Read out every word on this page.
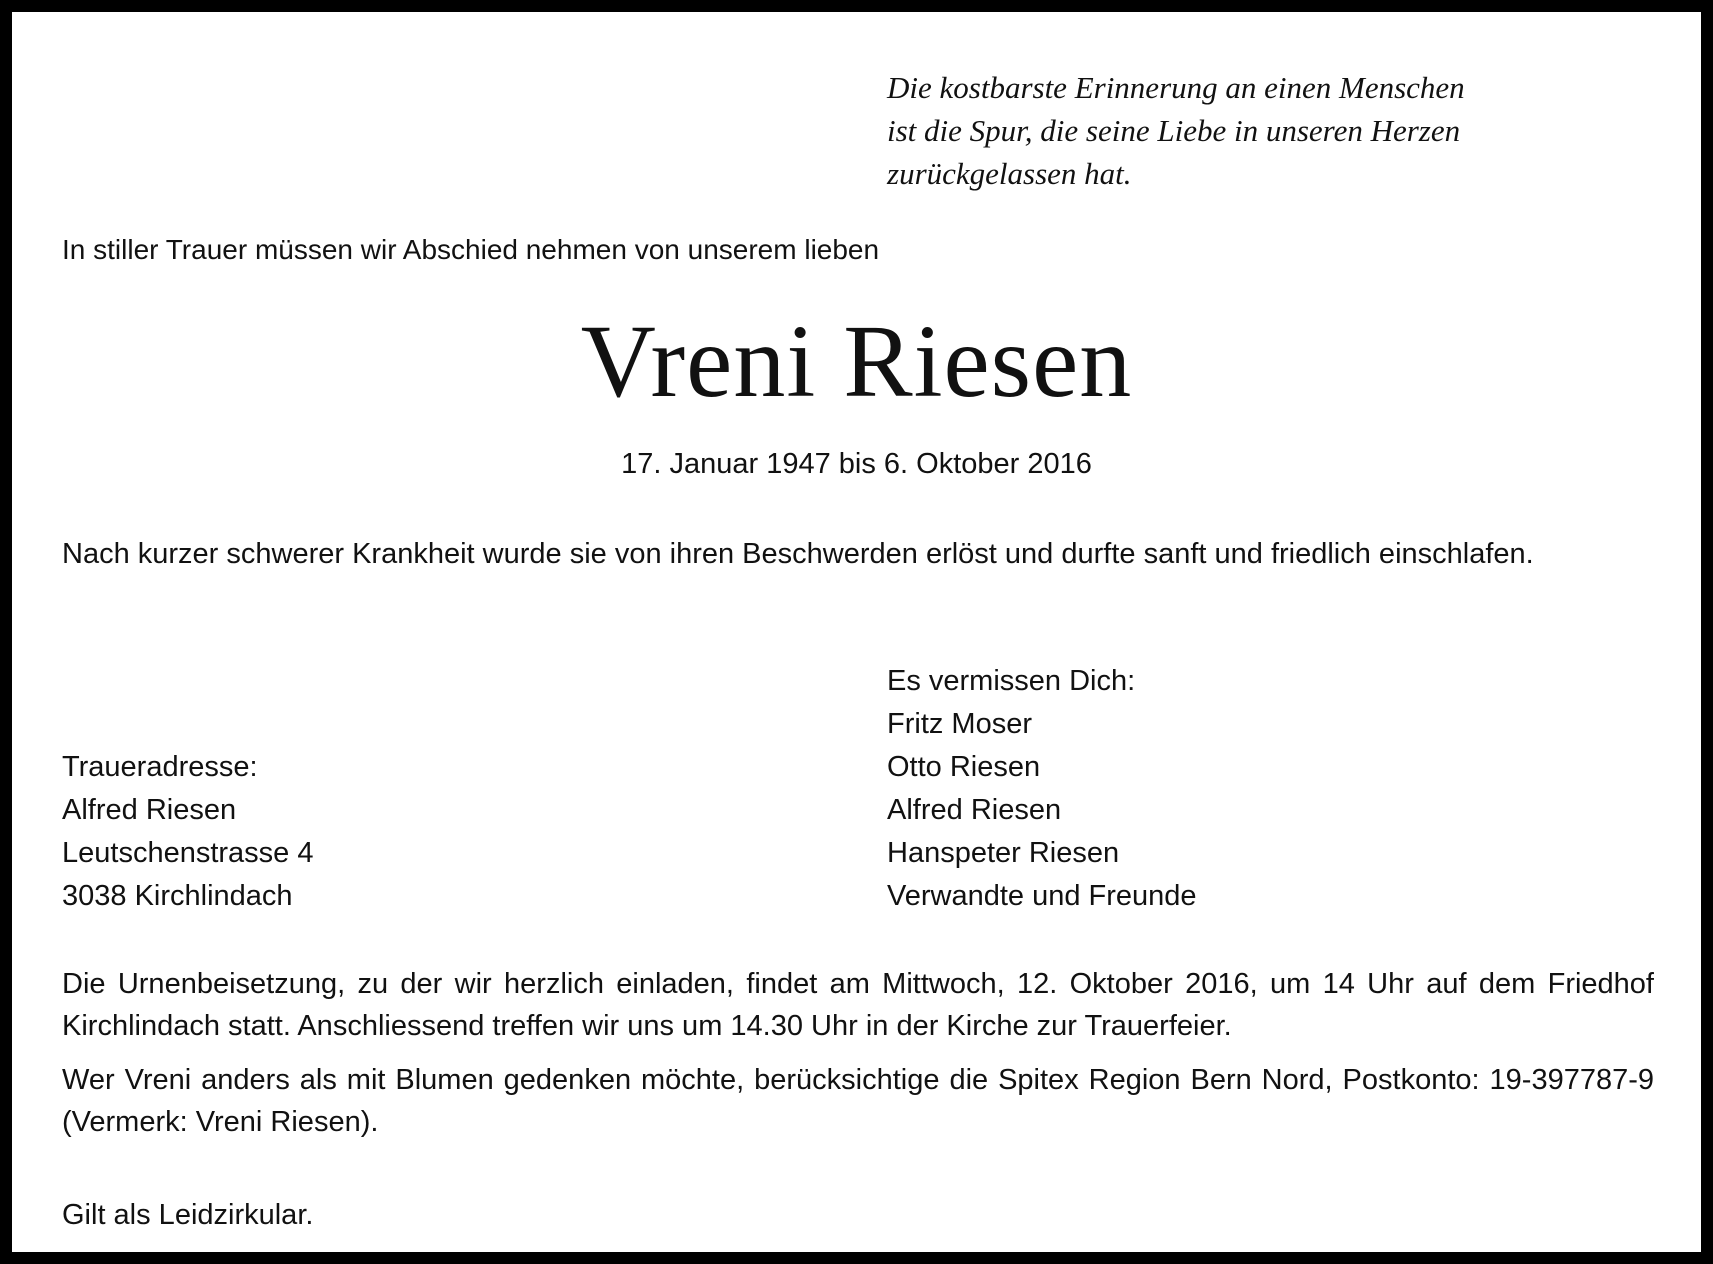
Die kostbarste Erinnerung an einen Menschen
ist die Spur, die seine Liebe in unseren Herzen
zurückgelassen hat.
In stiller Trauer müssen wir Abschied nehmen von unserem lieben
Vreni Riesen
17. Januar 1947 bis 6. Oktober 2016
Nach kurzer schwerer Krankheit wurde sie von ihren Beschwerden erlöst und durfte sanft und friedlich einschlafen.
Es vermissen Dich:
Fritz Moser
Otto Riesen
Alfred Riesen
Hanspeter Riesen
Verwandte und Freunde
Traueradresse:
Alfred Riesen
Leutschenstrasse 4
3038 Kirchlindach
Die Urnenbeisetzung, zu der wir herzlich einladen, findet am Mittwoch, 12. Oktober 2016, um 14 Uhr auf dem Friedhof Kirchlindach statt. Anschliessend treffen wir uns um 14.30 Uhr in der Kirche zur Trauerfeier.
Wer Vreni anders als mit Blumen gedenken möchte, berücksichtige die Spitex Region Bern Nord, Postkonto: 19-397787-9 (Vermerk: Vreni Riesen).
Gilt als Leidzirkular.
